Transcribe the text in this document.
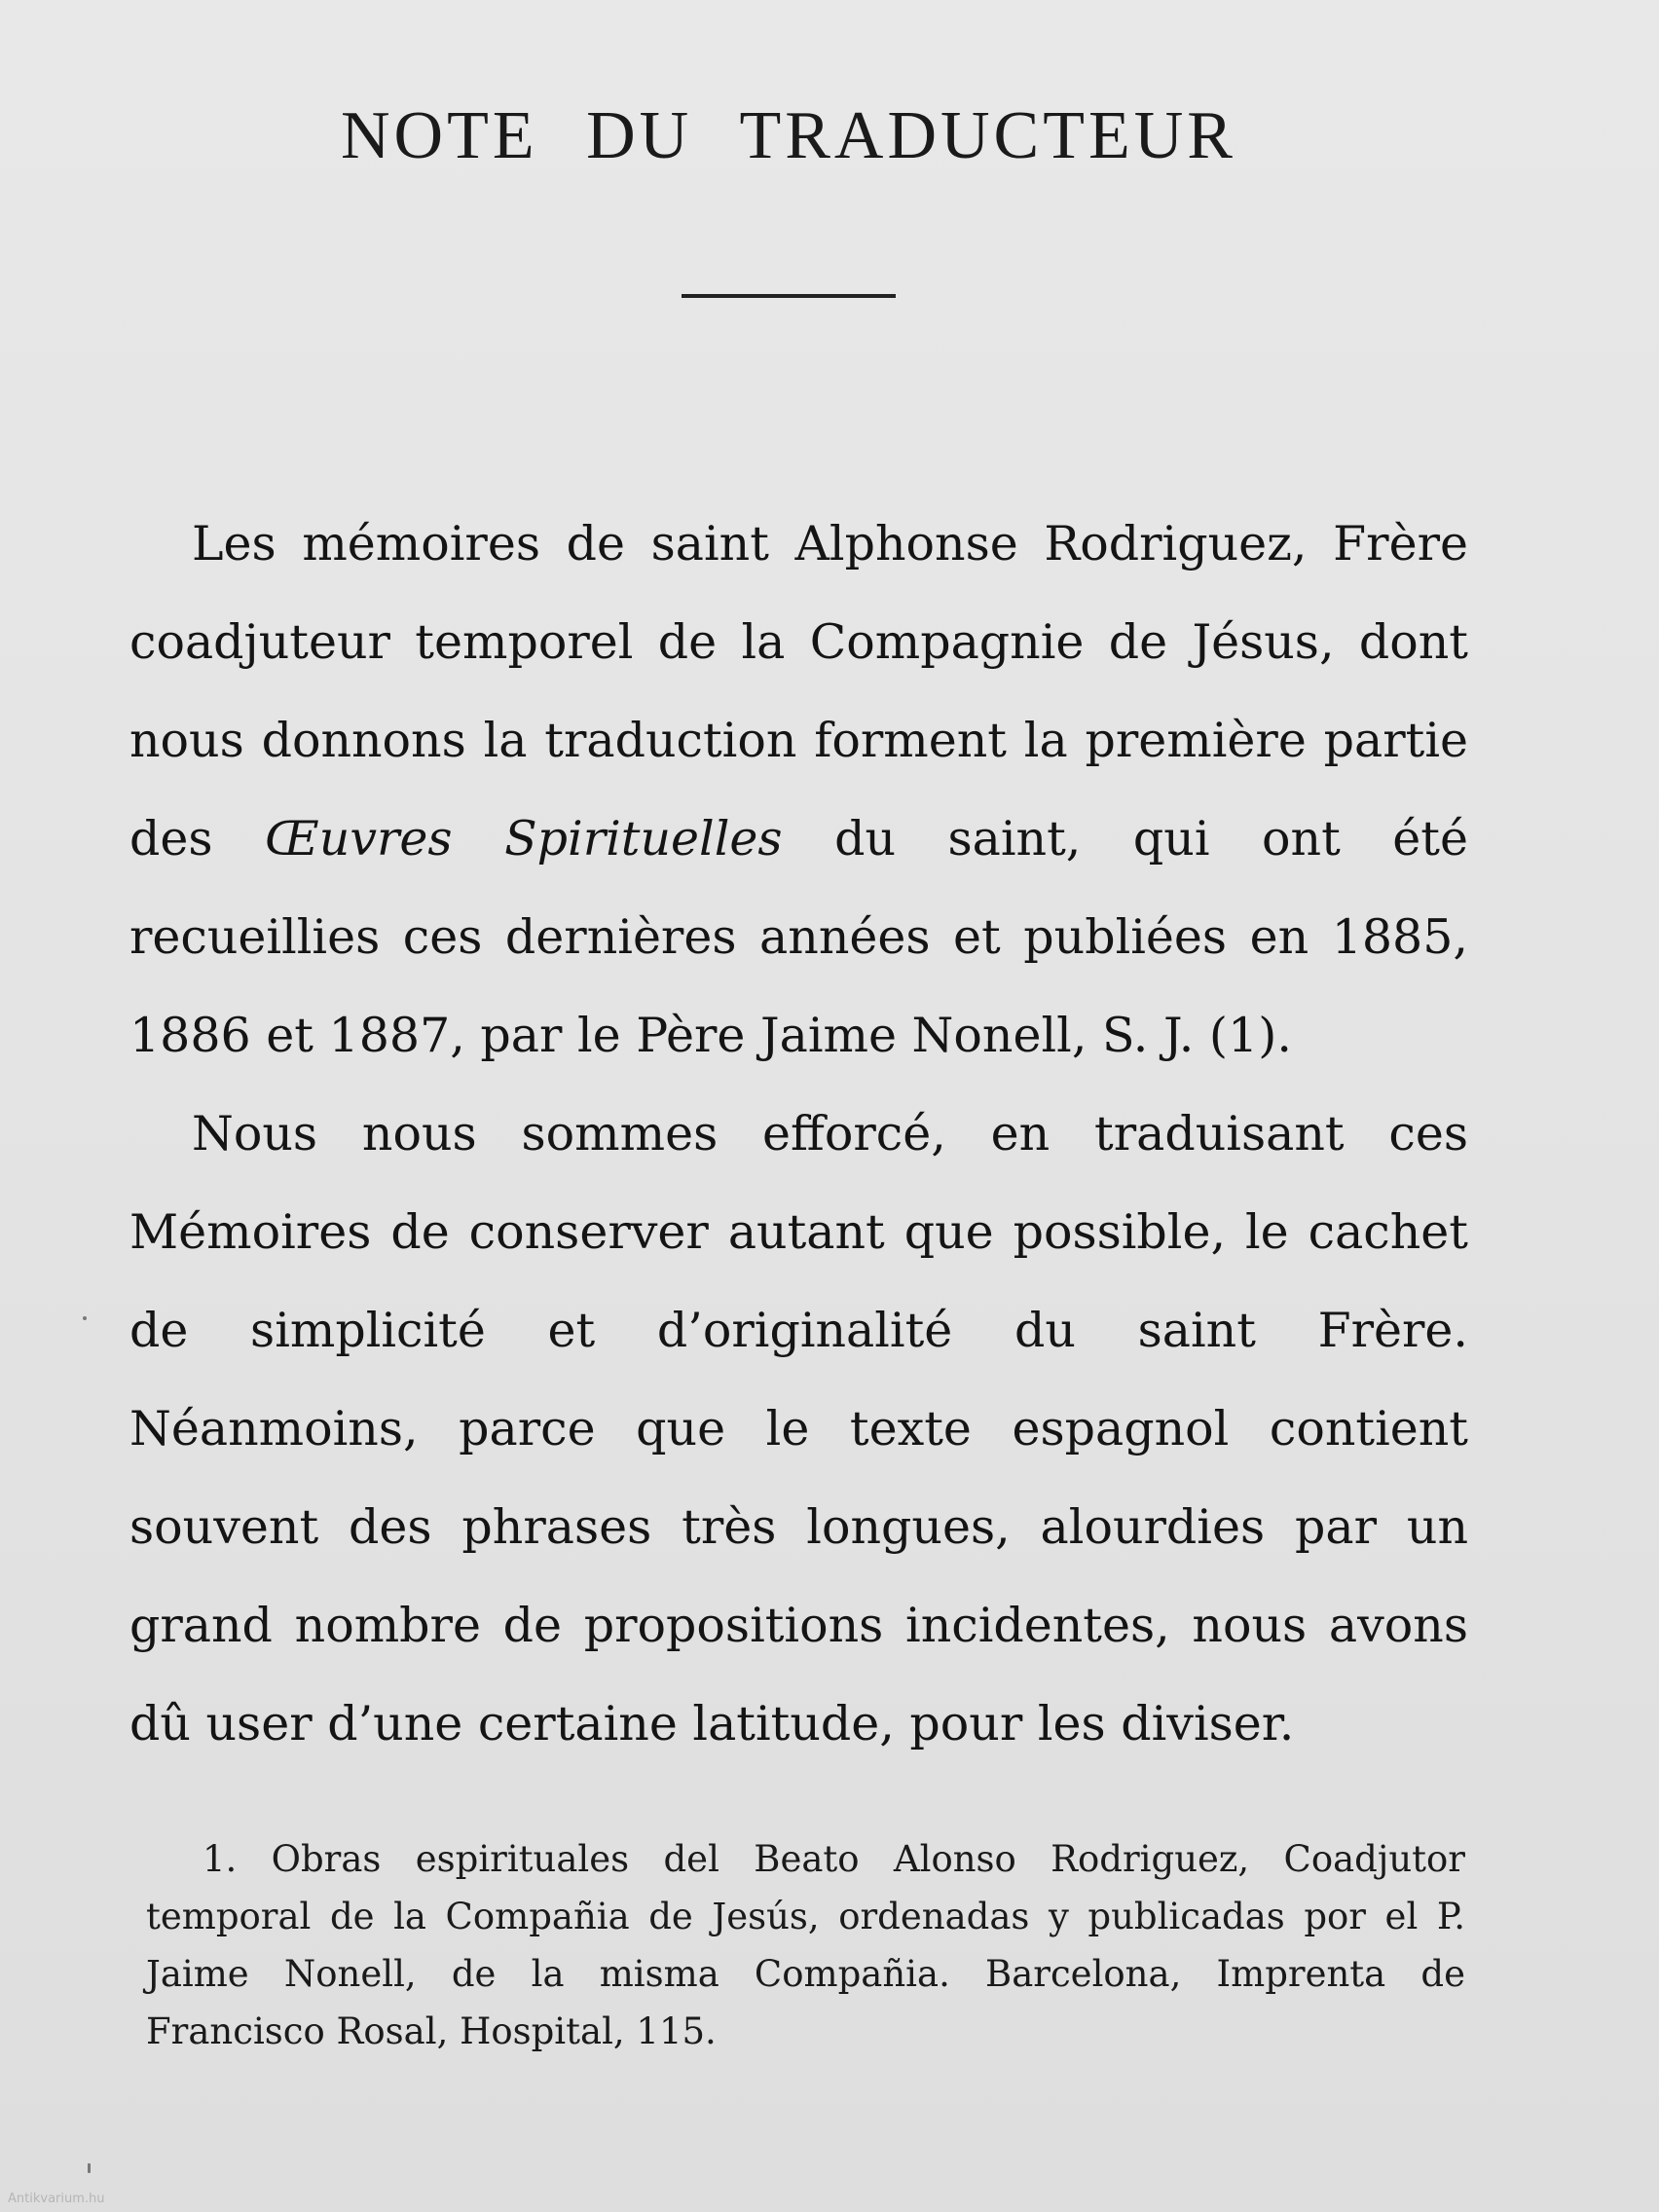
NOTE DU TRADUCTEUR

Les mémoires de saint Alphonse Rodriguez, Frère coadjuteur temporel de la Compagnie de Jésus, dont nous donnons la traduction forment la première partie des Œuvres Spirituelles du saint, qui ont été recueillies ces dernières années et publiées en 1885, 1886 et 1887, par le Père Jaime Nonell, S. J. (1).

Nous nous sommes efforcé, en traduisant ces Mémoires de conserver autant que possible, le cachet de simplicité et d’originalité du saint Frère. Néanmoins, parce que le texte espagnol contient souvent des phrases très longues, alourdies par un grand nombre de propositions incidentes, nous avons dû user d’une certaine latitude, pour les diviser.

1. Obras espirituales del Beato Alonso Rodriguez, Coadjutor temporal de la Compañia de Jesús, ordenadas y publicadas por el P. Jaime Nonell, de la misma Compañia. Barcelona, Imprenta de Francisco Rosal, Hospital, 115.

Antikvarium.hu
